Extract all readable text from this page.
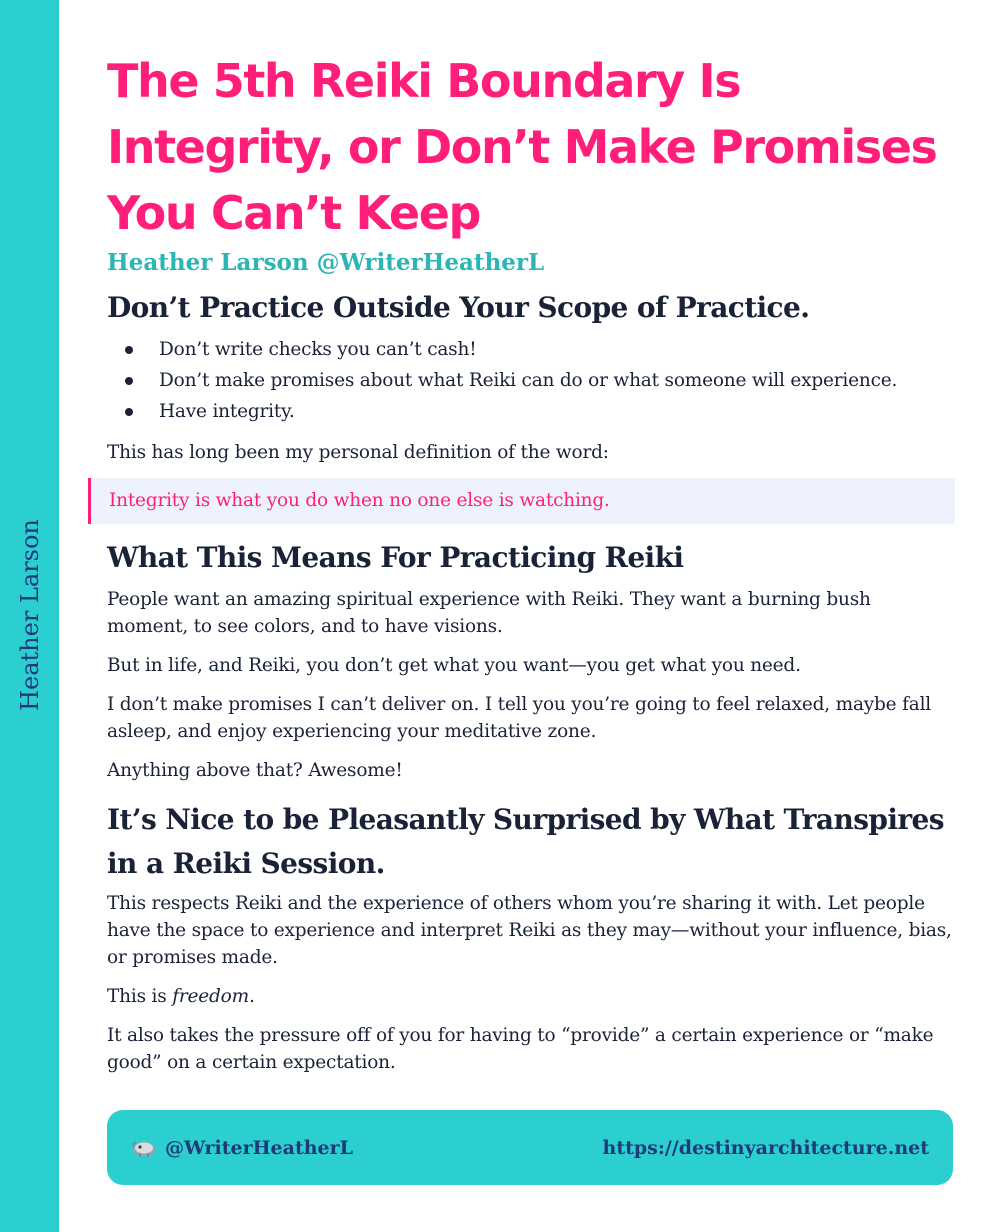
Heather Larson
The 5th Reiki Boundary Is Integrity, or Don’t Make Promises You Can’t Keep
Heather Larson @WriterHeatherL
Don’t Practice Outside Your Scope of Practice.
Don’t write checks you can’t cash!
Don’t make promises about what Reiki can do or what someone will experience.
Have integrity.

This has long been my personal definition of the word:

Integrity is what you do when no one else is watching.
What This Means For Practicing Reiki

People want an amazing spiritual experience with Reiki. They want a burning bush moment, to see colors, and to have visions.

But in life, and Reiki, you don’t get what you want—you get what you need.

I don’t make promises I can’t deliver on. I tell you you’re going to feel relaxed, maybe fall asleep, and enjoy experiencing your meditative zone.

Anything above that? Awesome!

It’s Nice to be Pleasantly Surprised by What Transpires in a Reiki Session.

This respects Reiki and the experience of others whom you’re sharing it with. Let people have the space to experience and interpret Reiki as they may—without your influence, bias, or promises made.

This is freedom.

It also takes the pressure off of you for having to “provide” a certain experience or “make good” on a certain expectation.

@WriterHeatherL	https://destinyarchitecture.net
